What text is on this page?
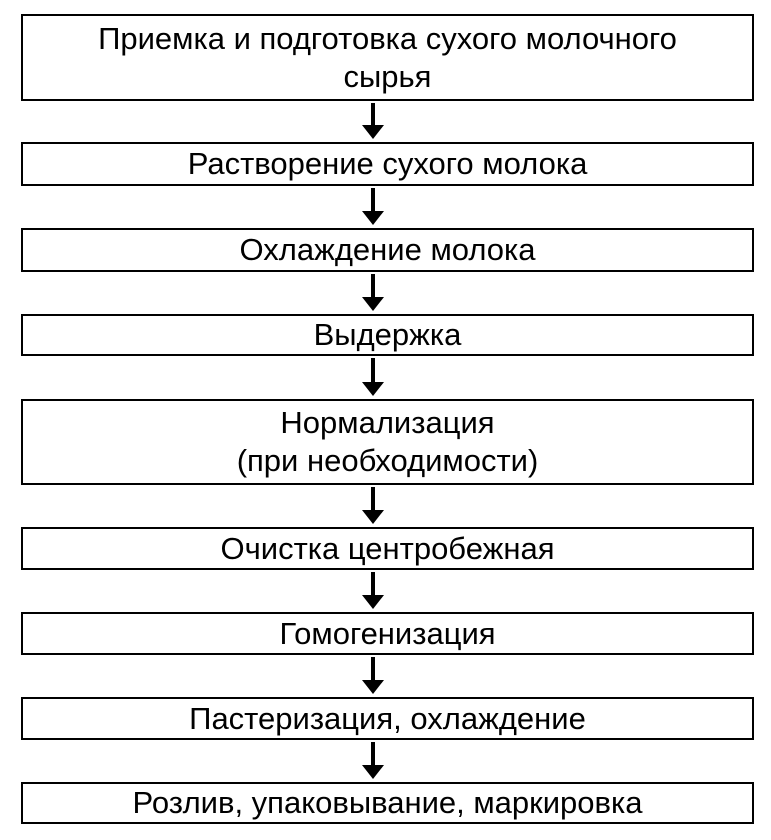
Приемка и подготовка сухого молочного
сырья
Растворение сухого молока
Охлаждение молока
Выдержка
Нормализация
(при необходимости)
Очистка центробежная
Гомогенизация
Пастеризация, охлаждение
Розлив, упаковывание, маркировка
